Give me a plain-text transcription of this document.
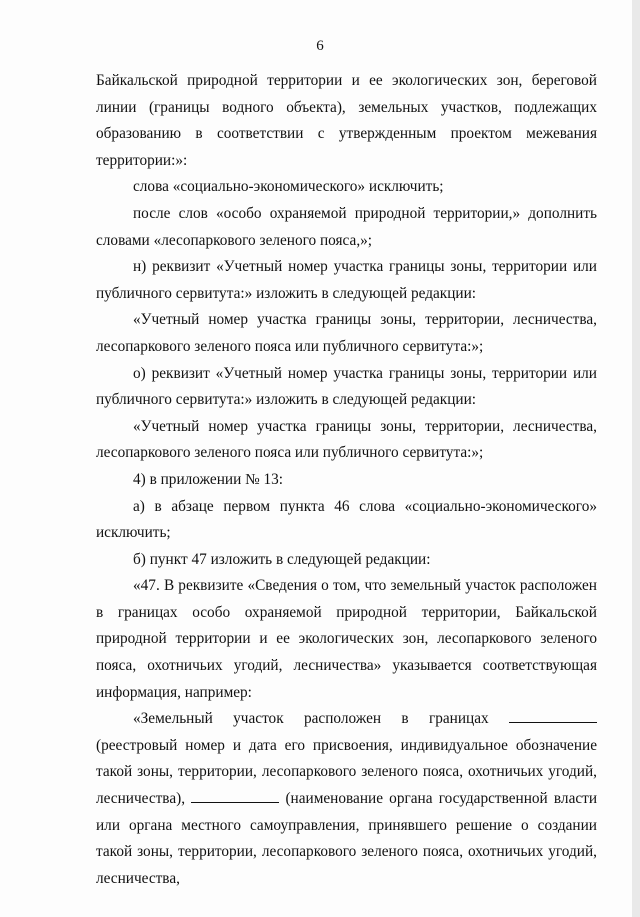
6

Байкальской природной территории и ее экологических зон, береговой линии (границы водного объекта), земельных участков, подлежащих образованию в соответствии с утвержденным проектом межевания территории:»:

слова «социально-экономического» исключить;

после слов «особо охраняемой природной территории,» дополнить словами «лесопаркового зеленого пояса,»;

н) реквизит «Учетный номер участка границы зоны, территории или публичного сервитута:» изложить в следующей редакции:

«Учетный номер участка границы зоны, территории, лесничества, лесопаркового зеленого пояса или публичного сервитута:»;

о) реквизит «Учетный номер участка границы зоны, территории или публичного сервитута:» изложить в следующей редакции:

«Учетный номер участка границы зоны, территории, лесничества, лесопаркового зеленого пояса или публичного сервитута:»;

4) в приложении № 13:

а) в абзаце первом пункта 46 слова «социально-экономического» исключить;

б) пункт 47 изложить в следующей редакции:

«47. В реквизите «Сведения о том, что земельный участок расположен в границах особо охраняемой природной территории, Байкальской природной территории и ее экологических зон, лесопаркового зеленого пояса, охотничьих угодий, лесничества» указывается соответствующая информация, например:

«Земельный участок расположен в границах  (реестровый номер и дата его присвоения, индивидуальное обозначение такой зоны, территории, лесопаркового зеленого пояса, охотничьих угодий, лесничества),	(наименование органа государственной власти или органа местного самоуправления, принявшего решение о создании такой зоны, территории, лесопаркового зеленого пояса, охотничьих угодий, лесничества,
